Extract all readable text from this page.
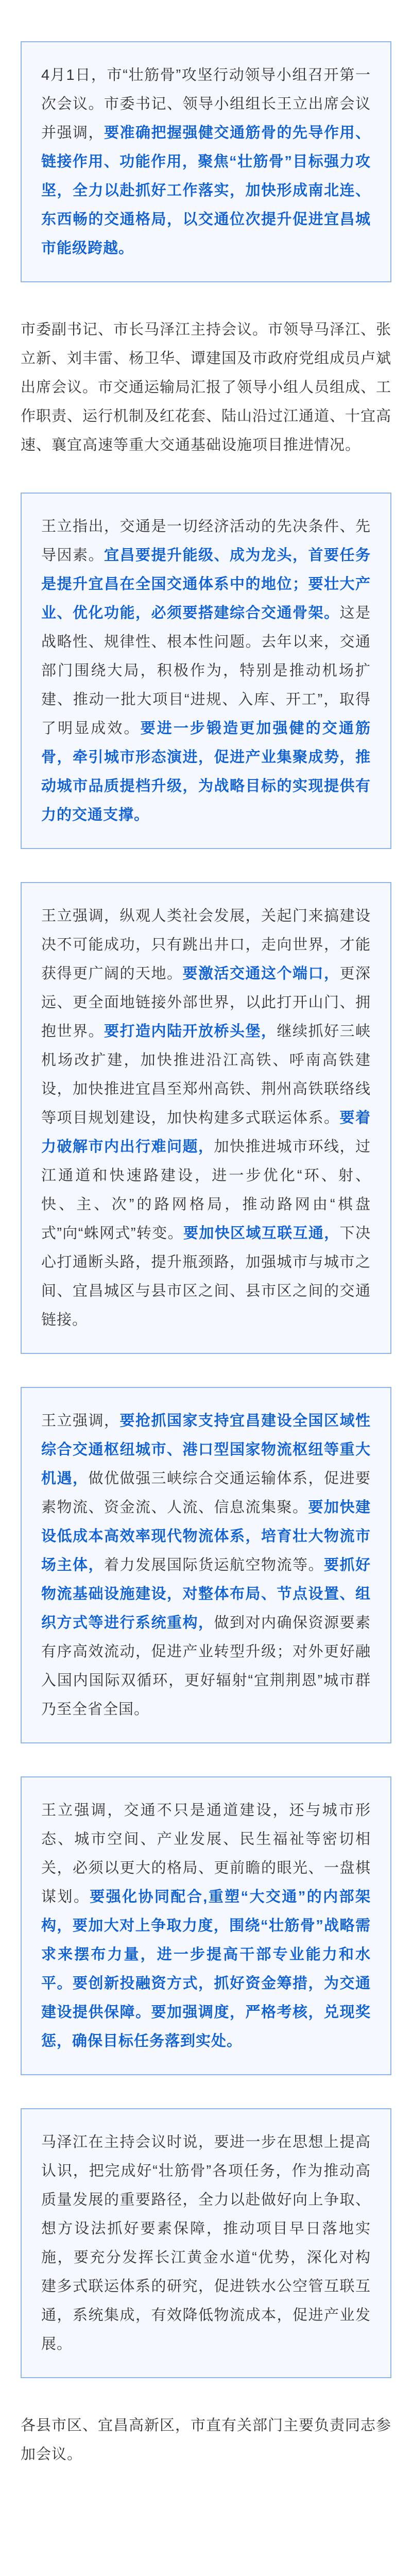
4月1日，市“壮筋骨”攻坚行动领导小组召开第一次会议。市委书记、领导小组组长王立出席会议并强调，要准确把握强健交通筋骨的先导作用、链接作用、功能作用，聚焦“壮筋骨”目标强力攻坚，全力以赴抓好工作落实，加快形成南北连、东西畅的交通格局，以交通位次提升促进宜昌城市能级跨越。

市委副书记、市长马泽江主持会议。市领导马泽江、张立新、刘丰雷、杨卫华、谭建国及市政府党组成员卢斌出席会议。市交通运输局汇报了领导小组人员组成、工作职责、运行机制及红花套、陆山沿过江通道、十宜高速、襄宜高速等重大交通基础设施项目推进情况。

王立指出，交通是一切经济活动的先决条件、先导因素。宜昌要提升能级、成为龙头，首要任务是提升宜昌在全国交通体系中的地位；要壮大产业、优化功能，必须要搭建综合交通骨架。这是战略性、规律性、根本性问题。去年以来，交通部门围绕大局，积极作为，特别是推动机场扩建、推动一批大项目“进规、入库、开工”，取得了明显成效。要进一步锻造更加强健的交通筋骨，牵引城市形态演进，促进产业集聚成势，推动城市品质提档升级，为战略目标的实现提供有力的交通支撑。

王立强调，纵观人类社会发展，关起门来搞建设决不可能成功，只有跳出井口，走向世界，才能获得更广阔的天地。要激活交通这个端口，更深远、更全面地链接外部世界，以此打开山门、拥抱世界。要打造内陆开放桥头堡，继续抓好三峡机场改扩建，加快推进沿江高铁、呼南高铁建设，加快推进宜昌至郑州高铁、荆州高铁联络线等项目规划建设，加快构建多式联运体系。要着力破解市内出行难问题，加快推进城市环线，过江通道和快速路建设，进一步优化“环、射、快、主、次”的路网格局，推动路网由“棋盘式”向“蛛网式”转变。要加快区域互联互通，下决心打通断头路，提升瓶颈路，加强城市与城市之间、宜昌城区与县市区之间、县市区之间的交通链接。

王立强调，要抢抓国家支持宜昌建设全国区域性综合交通枢纽城市、港口型国家物流枢纽等重大机遇，做优做强三峡综合交通运输体系，促进要素物流、资金流、人流、信息流集聚。要加快建设低成本高效率现代物流体系，培育壮大物流市场主体，着力发展国际货运航空物流等。要抓好物流基础设施建设，对整体布局、节点设置、组织方式等进行系统重构，做到对内确保资源要素有序高效流动，促进产业转型升级；对外更好融入国内国际双循环，更好辐射“宜荆荆恩”城市群乃至全省全国。

王立强调，交通不只是通道建设，还与城市形态、城市空间、产业发展、民生福祉等密切相关，必须以更大的格局、更前瞻的眼光、一盘棋谋划。要强化协同配合,重塑“大交通”的内部架构，要加大对上争取力度，围绕“壮筋骨”战略需求来摆布力量，进一步提高干部专业能力和水平。要创新投融资方式，抓好资金筹措，为交通建设提供保障。要加强调度，严格考核，兑现奖惩，确保目标任务落到实处。

马泽江在主持会议时说，要进一步在思想上提高认识，把完成好“壮筋骨”各项任务，作为推动高质量发展的重要路径，全力以赴做好向上争取、想方设法抓好要素保障，推动项目早日落地实施，要充分发挥长江黄金水道“优势，深化对构建多式联运体系的研究，促进铁水公空管互联互通，系统集成，有效降低物流成本，促进产业发展。

各县市区、宜昌高新区，市直有关部门主要负责同志参加会议。
